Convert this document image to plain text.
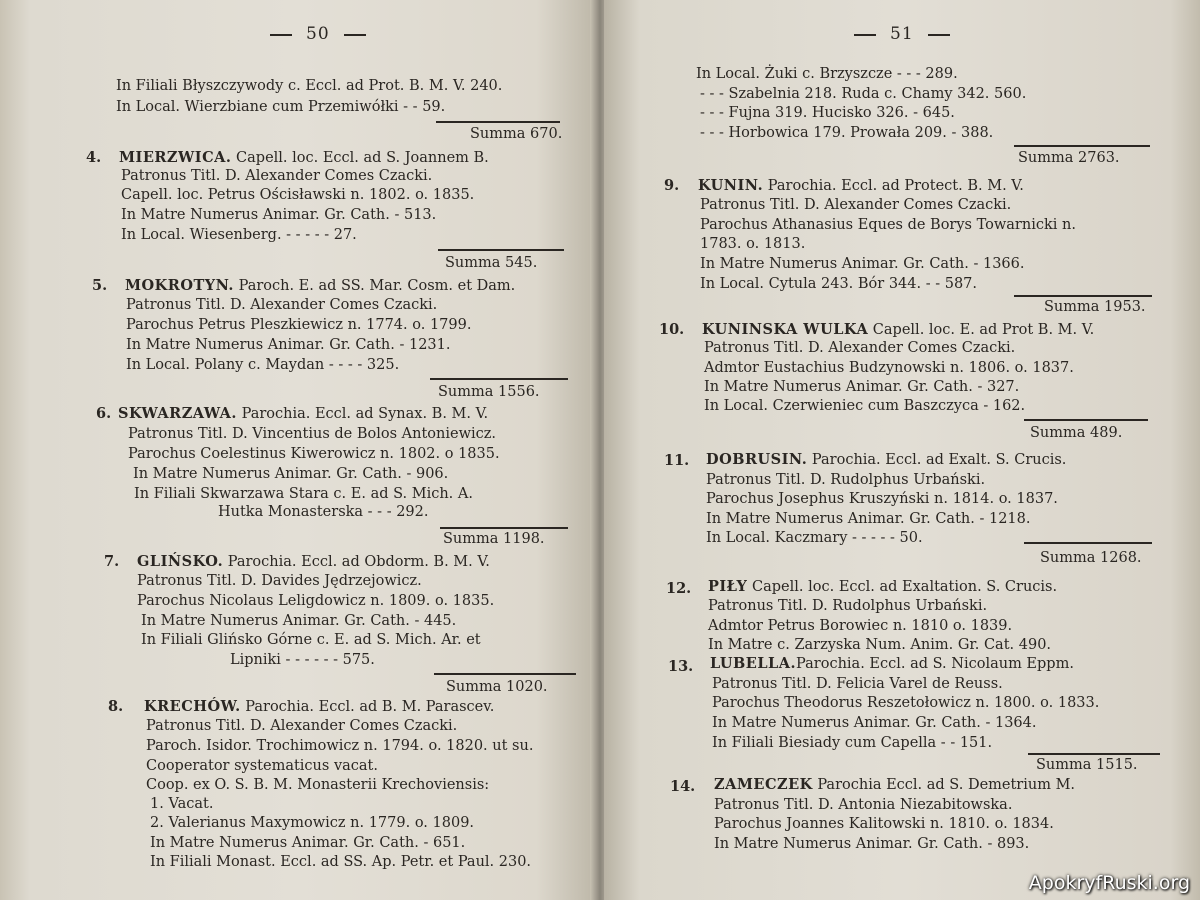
50
In Filiali Błyszczywody c. Eccl. ad Prot. B. M. V. 240.
In Local. Wierzbiane cum Przemiwółki - - 59.
Summa 670.
4. MIERZWICA. Capell. loc. Eccl. ad S. Joannem B.
Patronus Titl. D. Alexander Comes Czacki.
Capell. loc. Petrus Ościsławski n. 1802. o. 1835.
In Matre Numerus Animar. Gr. Cath. - 513.
In Local. Wiesenberg. - - - - - 27.
Summa 545.
5. MOKROTYN. Paroch. E. ad SS. Mar. Cosm. et Dam.
Patronus Titl. D. Alexander Comes Czacki.
Parochus Petrus Pleszkiewicz n. 1774. o. 1799.
In Matre Numerus Animar. Gr. Cath. - 1231.
In Local. Polany c. Maydan - - - - 325.
Summa 1556.
6. SKWARZAWA. Parochia. Eccl. ad Synax. B. M. V.
Patronus Titl. D. Vincentius de Bolos Antoniewicz.
Parochus Coelestinus Kiwerowicz n. 1802. o 1835.
In Matre Numerus Animar. Gr. Cath. - 906.
In Filiali Skwarzawa Stara c. E. ad S. Mich. A.
Hutka Monasterska - - - 292.
Summa 1198.
7. GLIŃSKO. Parochia. Eccl. ad Obdorm. B. M. V.
Patronus Titl. D. Davides Jędrzejowicz.
Parochus Nicolaus Leligdowicz n. 1809. o. 1835.
In Matre Numerus Animar. Gr. Cath. - 445.
In Filiali Glińsko Górne c. E. ad S. Mich. Ar. et
Lipniki - - - - - - 575.
Summa 1020.
8. KRECHÓW. Parochia. Eccl. ad B. M. Parascev.
Patronus Titl. D. Alexander Comes Czacki.
Paroch. Isidor. Trochimowicz n. 1794. o. 1820. ut su.
Cooperator systematicus vacat.
Coop. ex O. S. B. M. Monasterii Krechoviensis:
1. Vacat.
2. Valerianus Maxymowicz n. 1779. o. 1809.
In Matre Numerus Animar. Gr. Cath. - 651.
In Filiali Monast. Eccl. ad SS. Ap. Petr. et Paul. 230.
51
In Local. Żuki c. Brzyszcze - - - 289.
- - - Szabelnia 218. Ruda c. Chamy 342. 560.
- - - Fujna 319. Hucisko 326. - 645.
- - - Horbowica 179. Prowała 209. - 388.
Summa 2763.
9. KUNIN. Parochia. Eccl. ad Protect. B. M. V.
Patronus Titl. D. Alexander Comes Czacki.
Parochus Athanasius Eques de Borys Towarnicki n.
1783. o. 1813.
In Matre Numerus Animar. Gr. Cath. - 1366.
In Local. Cytula 243. Bór 344. - - 587.
Summa 1953.
10. KUNINSKA WULKA Capell. loc. E. ad Prot B. M. V.
Patronus Titl. D. Alexander Comes Czacki.
Admtor Eustachius Budzynowski n. 1806. o. 1837.
In Matre Numerus Animar. Gr. Cath. - 327.
In Local. Czerwieniec cum Baszczyca - 162.
Summa 489.
11. DOBRUSIN. Parochia. Eccl. ad Exalt. S. Crucis.
Patronus Titl. D. Rudolphus Urbański.
Parochus Josephus Kruszyński n. 1814. o. 1837.
In Matre Numerus Animar. Gr. Cath. - 1218.
In Local. Kaczmary - - - - - 50.
Summa 1268.
12. PIŁY Capell. loc. Eccl. ad Exaltation. S. Crucis.
Patronus Titl. D. Rudolphus Urbański.
Admtor Petrus Borowiec n. 1810 o. 1839.
In Matre c. Zarzyska Num. Anim. Gr. Cat. 490.
13. LUBELLA.Parochia. Eccl. ad S. Nicolaum Eppm.
Patronus Titl. D. Felicia Varel de Reuss.
Parochus Theodorus Reszetołowicz n. 1800. o. 1833.
In Matre Numerus Animar. Gr. Cath. - 1364.
In Filiali Biesiady cum Capella - - 151.
Summa 1515.
14. ZAMECZEK Parochia Eccl. ad S. Demetrium M.
Patronus Titl. D. Antonia Niezabitowska.
Parochus Joannes Kalitowski n. 1810. o. 1834.
In Matre Numerus Animar. Gr. Cath. - 893.
ApokryfRuski.org
